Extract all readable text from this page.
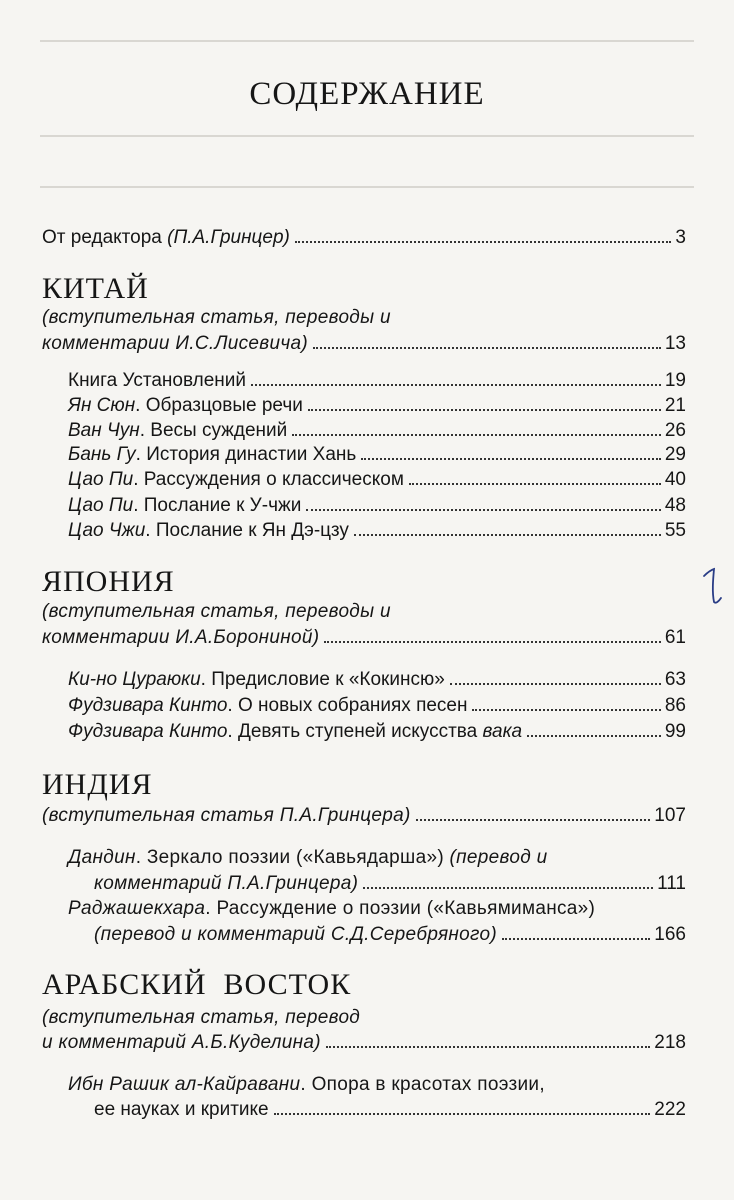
СОДЕРЖАНИЕ
От редактора
(П.А.Гринцер)	3
КИТАЙ
(вступительная статья, переводы и
комментарии И.С.Лисевича)	13
Книга Установлений	19
Ян Сюн . Образцовые речи	21
Ван Чун . Весы суждений	26
Бань Гу . История династии Хань	29
Цао Пи . Рассуждения о классическом	40
Цао Пи . Послание к У-чжи	48
Цао Чжи . Послание к Ян Дэ-цзу	55
ЯПОНИЯ
(вступительная статья, переводы и
комментарии И.А.Борониной)	61
Ки-но Цураюки . Предисловие к «Кокинсю»	63
Фудзивара Кинто . О новых собраниях песен	86
Фудзивара Кинто . Девять ступеней искусства
вака	99
ИНДИЯ
(вступительная статья П.А.Гринцера)	107
Дандин. Зеркало поэзии («Кавьядарша») (перевод и
комментарий П.А.Гринцера)	111
Раджашекхара. Рассуждение о поэзии («Кавьямиманса»)
(перевод и комментарий С.Д.Серебряного)	166
АРАБСКИЙ  ВОСТОК
(вступительная статья, перевод
и комментарий А.Б.Куделина)	218
Ибн Рашик ал-Кайравани. Опора в красотах поэзии,
ее науках и критике	222
